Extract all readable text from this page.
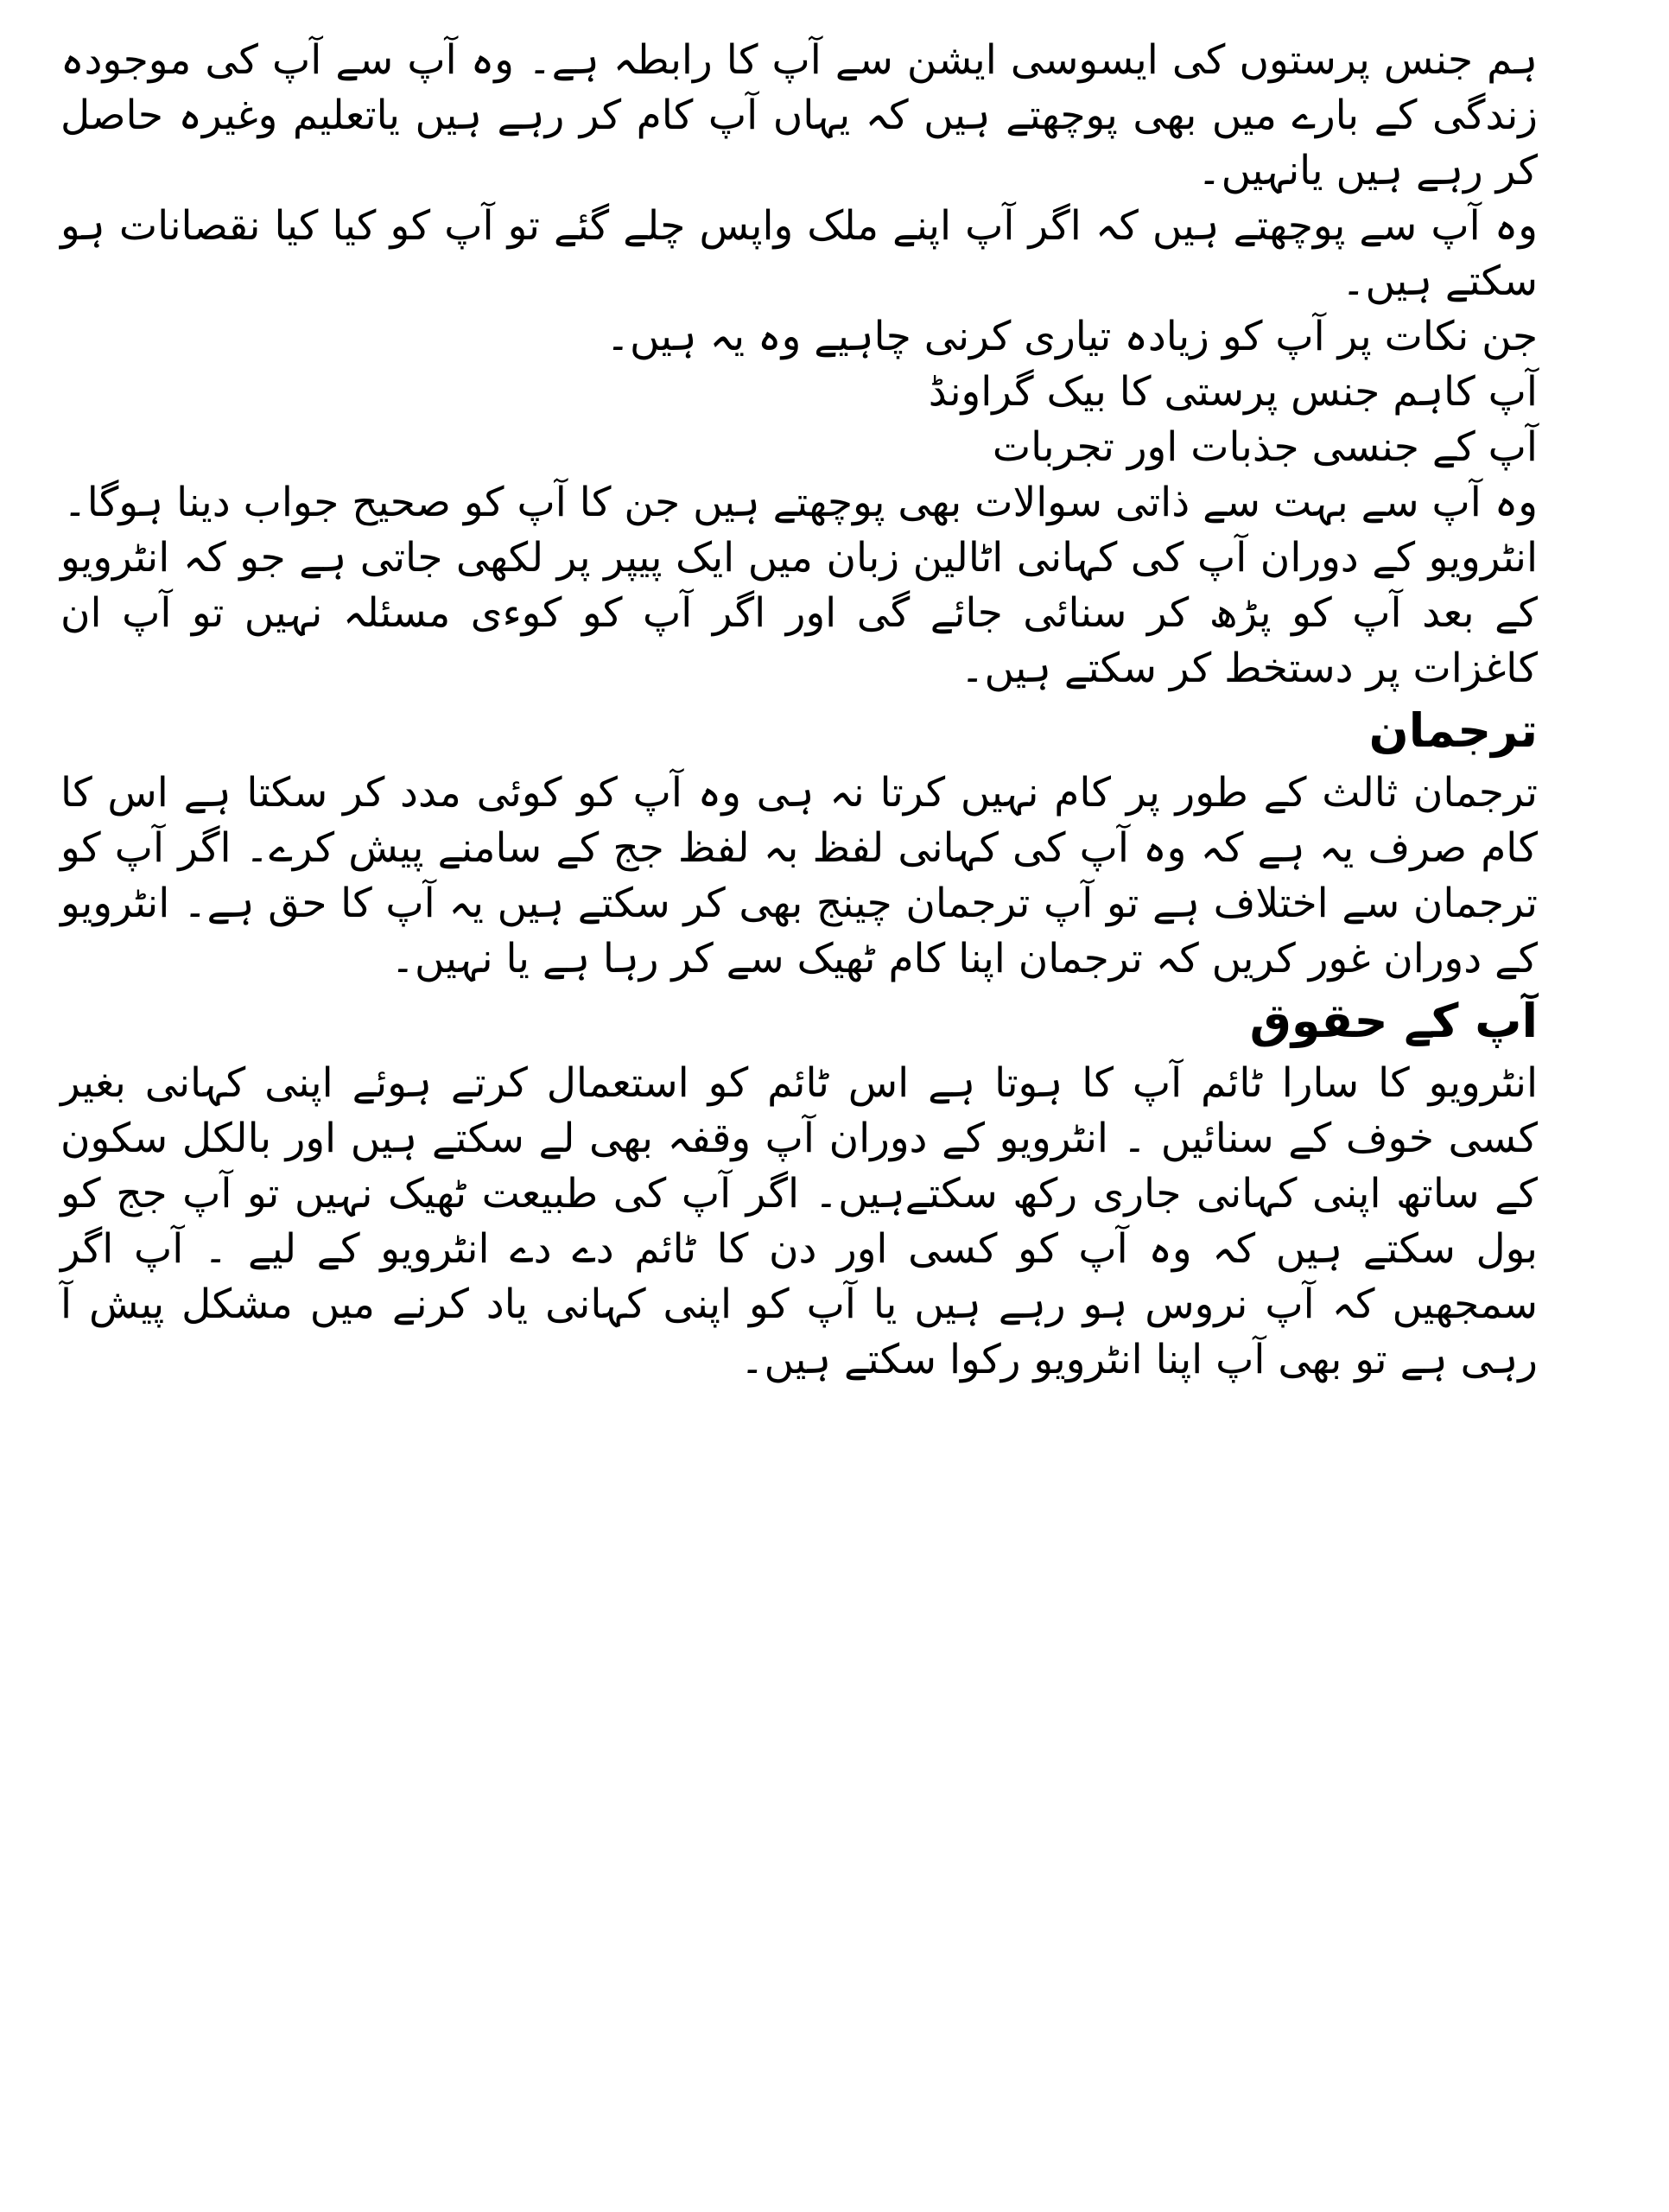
ہم جنس پرستوں کی ایسوسی ایشن سے آپ کا رابطہ ہے۔ وہ آپ سے آپ کی موجودہ زندگی کے بارے میں بھی پوچھتے ہیں کہ یہاں آپ کام کر رہے ہیں یاتعلیم وغیرہ حاصل کر رہے ہیں یانہیں۔

وہ آپ سے پوچھتے ہیں کہ اگر آپ اپنے ملک واپس چلے گئے تو آپ کو کیا کیا نقصانات ہو سکتے ہیں۔

جن نکات پر آپ کو زیادہ تیاری کرنی چاہیے وہ یہ ہیں۔

آپ کاہم جنس پرستی کا بیک گراونڈ

آپ کے جنسی جذبات اور تجربات

وہ آپ سے بہت سے ذاتی سوالات بھی پوچھتے ہیں جن کا آپ کو صحیح جواب دینا ہوگا۔

انٹرویو کے دوران آپ کی کہانی اٹالین زبان میں ایک پیپر پر لکھی جاتی ہے جو کہ انٹرویو کے بعد آپ کو پڑھ کر سنائی جائے گی اور اگر آپ کو کوءی مسئلہ نہیں تو آپ ان کاغزات پر دستخط کر سکتے ہیں۔

ترجمان

ترجمان ثالث کے طور پر کام نہیں کرتا نہ ہی وہ آپ کو کوئی مدد کر سکتا ہے اس کا کام صرف یہ ہے کہ وہ آپ کی کہانی لفظ بہ لفظ جج کے سامنے پیش کرے۔ اگر آپ کو ترجمان سے اختلاف ہے تو آپ ترجمان چینج بھی کر سکتے ہیں یہ آپ کا حق ہے۔ انٹرویو کے دوران غور کریں کہ ترجمان اپنا کام ٹھیک سے کر رہا ہے یا نہیں۔

آپ کے حقوق

انٹرویو کا سارا ٹائم آپ کا ہوتا ہے اس ٹائم کو استعمال کرتے ہوئے اپنی کہانی بغیر کسی خوف کے سنائیں ۔ انٹرویو کے دوران آپ وقفہ بھی لے سکتے ہیں اور بالکل سکون کے ساتھ اپنی کہانی جاری رکھ سکتےہیں۔ اگر آپ کی طبیعت ٹھیک نہیں تو آپ جج کو بول سکتے ہیں کہ وہ آپ کو کسی اور دن کا ٹائم دے دے انٹرویو کے لیے ۔ آپ اگر سمجھیں کہ آپ نروس ہو رہے ہیں یا آپ کو اپنی کہانی یاد کرنے میں مشکل پیش آ رہی ہے تو بھی آپ اپنا انٹرویو رکوا سکتے ہیں۔
